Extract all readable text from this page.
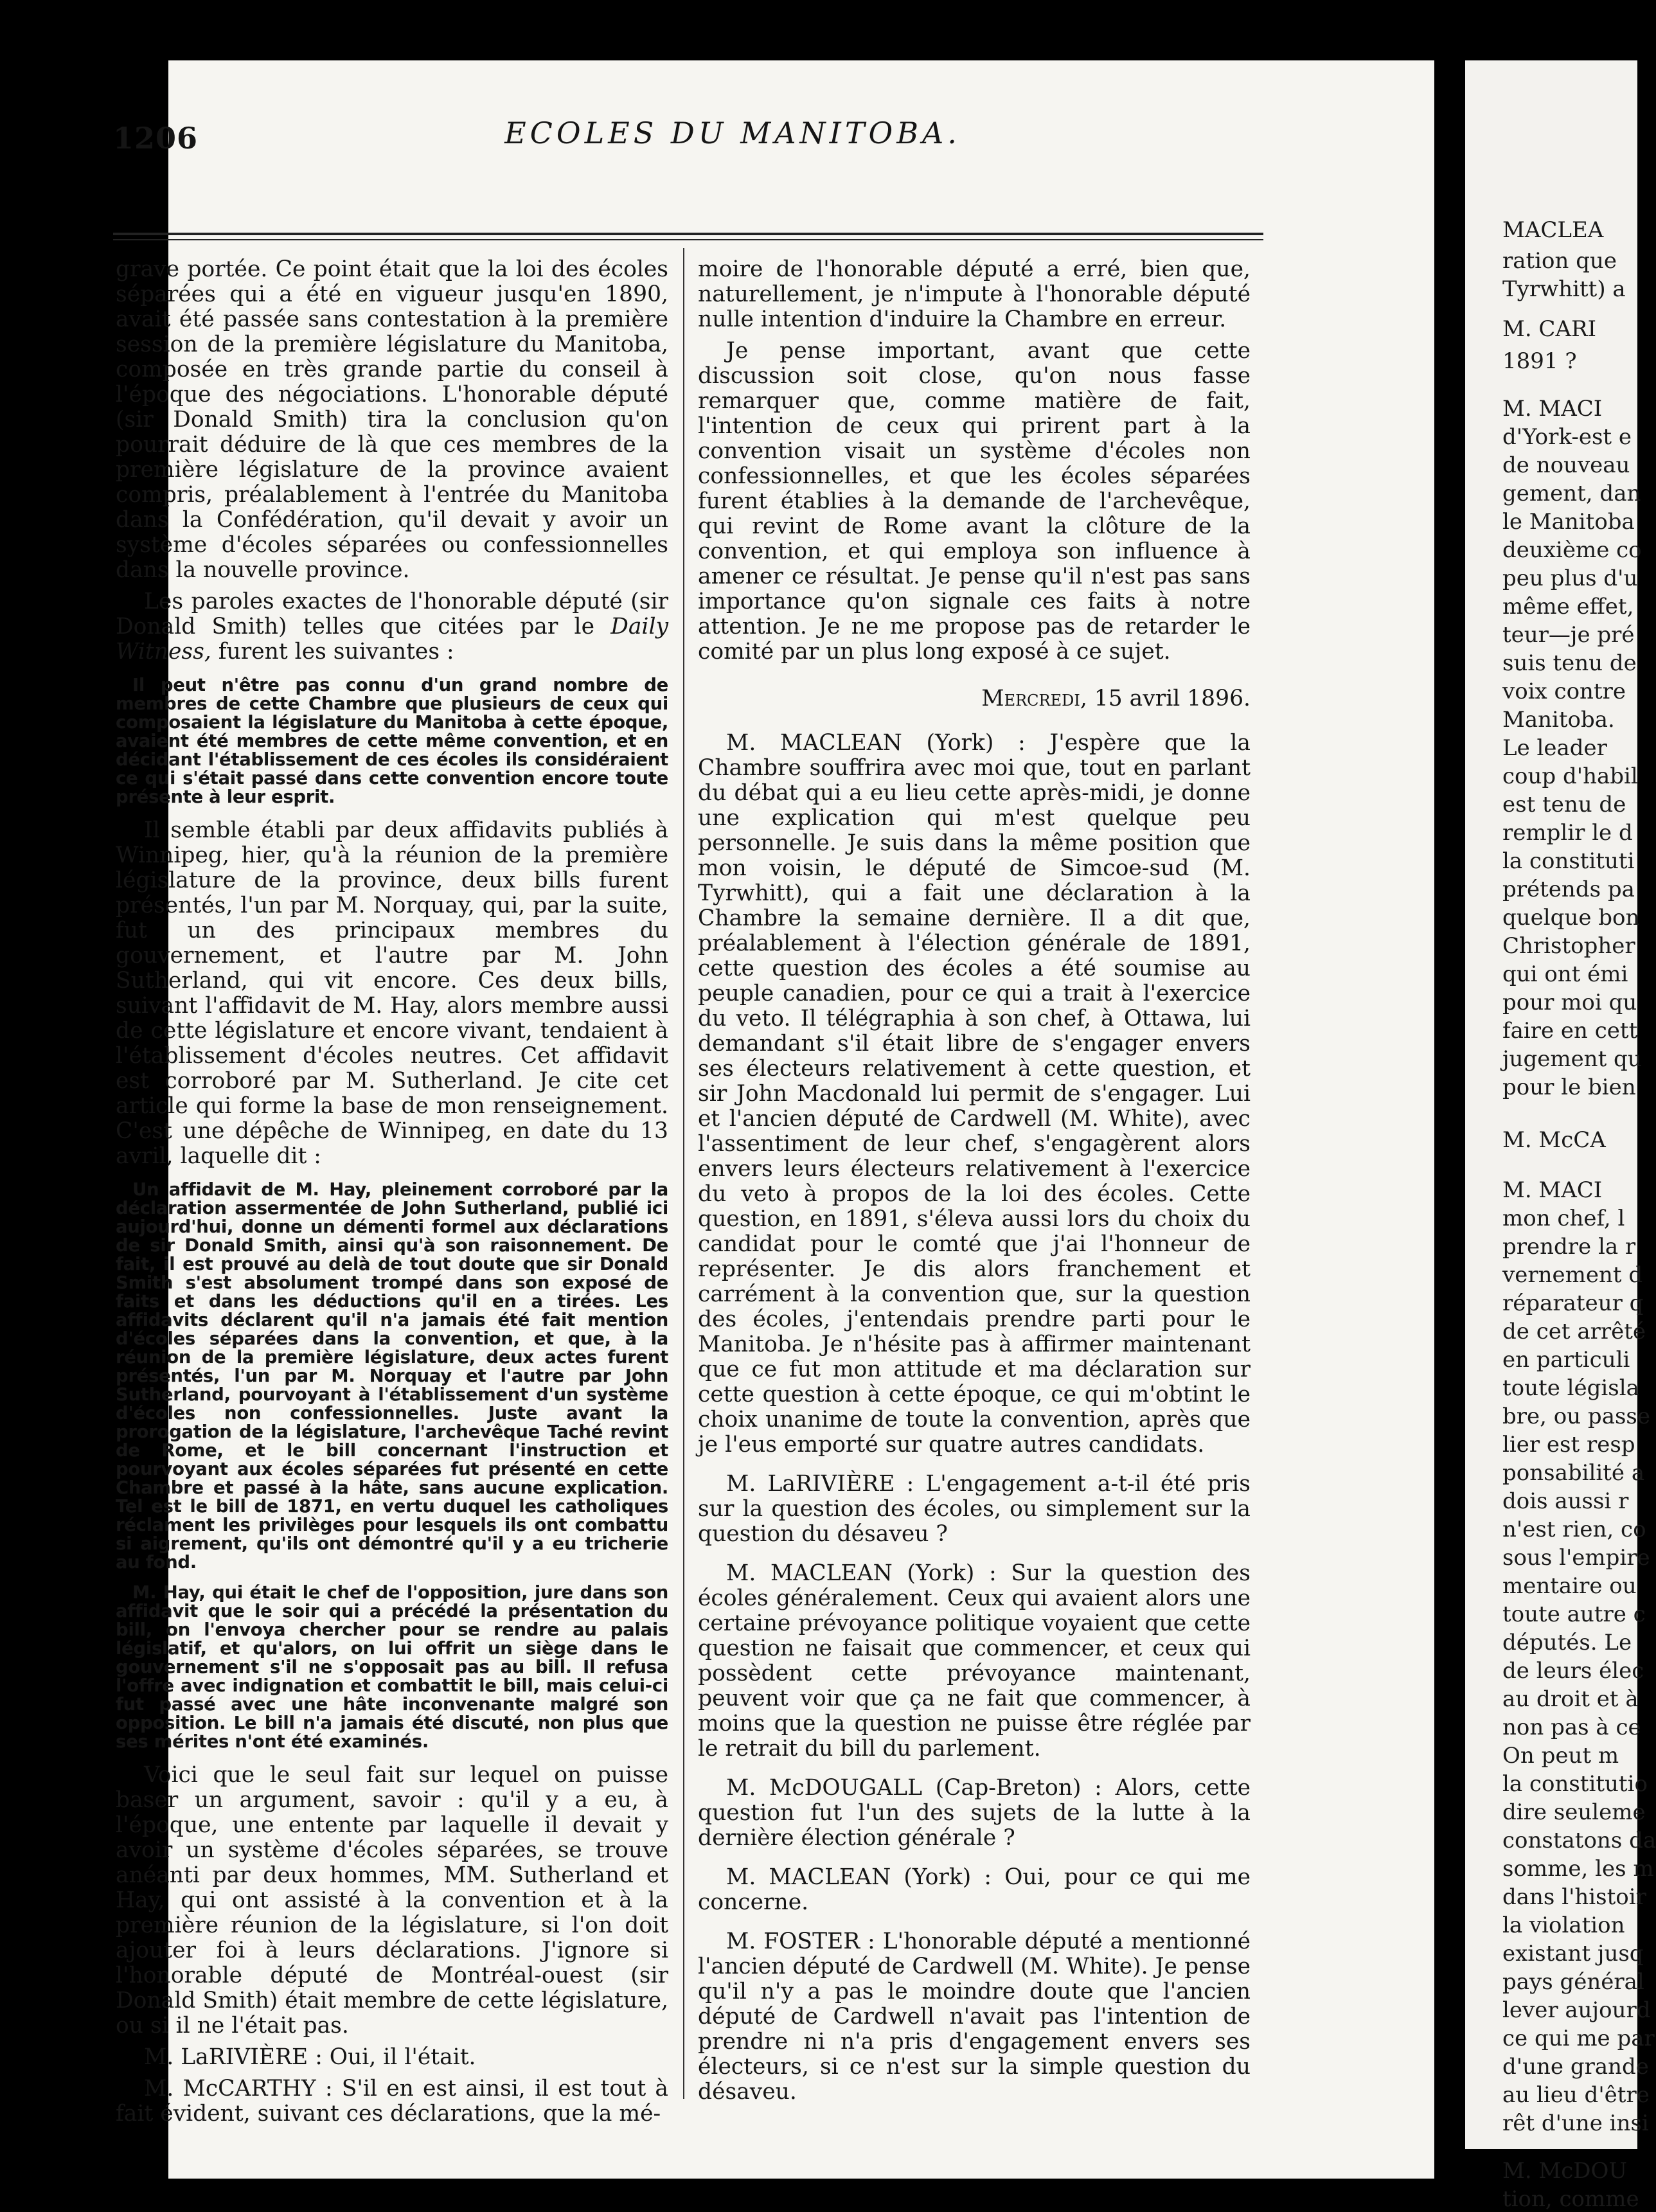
MACLEA
ration que
Tyrwhitt) a
M. CARI
1891 ?
M. MACI
d'York-est e
de nouveau
gement, dan
le Manitoba
deuxième co
peu plus d'u
même effet,
teur—je pré
suis tenu de
voix contre
Manitoba.
Le leader
coup d'habil
est tenu de
remplir le d
la constituti
prétends pa
quelque bon
Christopher
qui ont émi
pour moi qu
faire en cett
jugement qu
pour le bien
M. McCA
M. MACI
mon chef, l
prendre la r
vernement d
réparateur q
de cet arrêté
en particuli
toute législa
bre, ou passe
lier est resp
ponsabilité a
dois aussi r
n'est rien, co
sous l'empire
mentaire ou
toute autre c
députés. Le
de leurs élec
au droit et à
non pas à ce
On peut m
la constitutio
dire seuleme
constatons da
somme, les m
dans l'histoir
la violation
existant jusq
pays général
lever aujourd
ce qui me par
d'une grande
au lieu d'être
rêt d'une insi
M. McDOU
tion, comme
1206	ECOLES DU MANITOBA.

grave portée. Ce point était que la loi des écoles séparées qui a été en vigueur jusqu'en 1890, avait été passée sans contestation à la première session de la première législature du Manitoba, composée en très grande partie du conseil à l'époque des négociations. L'honorable député (sir Donald Smith) tira la conclusion qu'on pourrait déduire de là que ces membres de la première législature de la province avaient compris, préalablement à l'entrée du Manitoba dans la Confédération, qu'il devait y avoir un système d'écoles séparées ou confessionnelles dans la nouvelle province.

Les paroles exactes de l'honorable député (sir Donald Smith) telles que citées par le Daily Witness, furent les suivantes :

Il peut n'être pas connu d'un grand nombre de membres de cette Chambre que plusieurs de ceux qui composaient la législature du Manitoba à cette époque, avaient été membres de cette même convention, et en décidant l'établissement de ces écoles ils considéraient ce qui s'était passé dans cette convention encore toute présente à leur esprit.

Il semble établi par deux affidavits publiés à Winnipeg, hier, qu'à la réunion de la première législature de la province, deux bills furent présentés, l'un par M. Norquay, qui, par la suite, fut un des principaux membres du gouvernement, et l'autre par M. John Sutherland, qui vit encore. Ces deux bills, suivant l'affidavit de M. Hay, alors membre aussi de cette législature et encore vivant, tendaient à l'établissement d'écoles neutres. Cet affidavit est corroboré par M. Sutherland. Je cite cet article qui forme la base de mon renseignement. C'est une dépêche de Winnipeg, en date du 13 avril, laquelle dit :

Un affidavit de M. Hay, pleinement corroboré par la déclaration assermentée de John Sutherland, publié ici aujourd'hui, donne un démenti formel aux déclarations de sir Donald Smith, ainsi qu'à son raisonnement. De fait, il est prouvé au delà de tout doute que sir Donald Smith s'est absolument trompé dans son exposé de faits et dans les déductions qu'il en a tirées. Les affidavits déclarent qu'il n'a jamais été fait mention d'écoles séparées dans la convention, et que, à la réunion de la première législature, deux actes furent présentés, l'un par M. Norquay et l'autre par John Sutherland, pourvoyant à l'établissement d'un système d'écoles non confessionnelles. Juste avant la prorogation de la législature, l'archevêque Taché revint de Rome, et le bill concernant l'instruction et pourvoyant aux écoles séparées fut présenté en cette Chambre et passé à la hâte, sans aucune explication. Tel est le bill de 1871, en vertu duquel les catholiques réclament les privilèges pour lesquels ils ont combattu si aigrement, qu'ils ont démontré qu'il y a eu tricherie au fond.

M. Hay, qui était le chef de l'opposition, jure dans son affidavit que le soir qui a précédé la présentation du bill, on l'envoya chercher pour se rendre au palais législatif, et qu'alors, on lui offrit un siège dans le gouvernement s'il ne s'opposait pas au bill. Il refusa l'offre avec indignation et combattit le bill, mais celui-ci fut passé avec une hâte inconvenante malgré son opposition. Le bill n'a jamais été discuté, non plus que ses mérites n'ont été examinés.

Voici que le seul fait sur lequel on puisse baser un argument, savoir : qu'il y a eu, à l'époque, une entente par laquelle il devait y avoir un système d'écoles séparées, se trouve anéanti par deux hommes, MM. Sutherland et Hay, qui ont assisté à la convention et à la première réunion de la législature, si l'on doit ajouter foi à leurs déclarations. J'ignore si l'honorable député de Montréal-ouest (sir Donald Smith) était membre de cette législature, ou si il ne l'était pas.

M. LaRIVIÈRE : Oui, il l'était.

M. McCARTHY : S'il en est ainsi, il est tout à fait évident, suivant ces déclarations, que la mé-

moire de l'honorable député a erré, bien que, naturellement, je n'impute à l'honorable député nulle intention d'induire la Chambre en erreur.

Je pense important, avant que cette discussion soit close, qu'on nous fasse remarquer que, comme matière de fait, l'intention de ceux qui prirent part à la convention visait un système d'écoles non confessionnelles, et que les écoles séparées furent établies à la demande de l'archevêque, qui revint de Rome avant la clôture de la convention, et qui employa son influence à amener ce résultat. Je pense qu'il n'est pas sans importance qu'on signale ces faits à notre attention. Je ne me propose pas de retarder le comité par un plus long exposé à ce sujet.

Mercredi, 15 avril 1896.

M. MACLEAN (York) : J'espère que la Chambre souffrira avec moi que, tout en parlant du débat qui a eu lieu cette après-midi, je donne une explication qui m'est quelque peu personnelle. Je suis dans la même position que mon voisin, le député de Simcoe-sud (M. Tyrwhitt), qui a fait une déclaration à la Chambre la semaine dernière. Il a dit que, préalablement à l'élection générale de 1891, cette question des écoles a été soumise au peuple canadien, pour ce qui a trait à l'exercice du veto. Il télégraphia à son chef, à Ottawa, lui demandant s'il était libre de s'engager envers ses électeurs relativement à cette question, et sir John Macdonald lui permit de s'engager. Lui et l'ancien député de Cardwell (M. White), avec l'assentiment de leur chef, s'engagèrent alors envers leurs électeurs relativement à l'exercice du veto à propos de la loi des écoles. Cette question, en 1891, s'éleva aussi lors du choix du candidat pour le comté que j'ai l'honneur de représenter. Je dis alors franchement et carrément à la convention que, sur la question des écoles, j'entendais prendre parti pour le Manitoba. Je n'hésite pas à affirmer maintenant que ce fut mon attitude et ma déclaration sur cette question à cette époque, ce qui m'obtint le choix unanime de toute la convention, après que je l'eus emporté sur quatre autres candidats.

M. LaRIVIÈRE : L'engagement a-t-il été pris sur la question des écoles, ou simplement sur la question du désaveu ?

M. MACLEAN (York) : Sur la question des écoles généralement. Ceux qui avaient alors une certaine prévoyance politique voyaient que cette question ne faisait que commencer, et ceux qui possèdent cette prévoyance maintenant, peuvent voir que ça ne fait que commencer, à moins que la question ne puisse être réglée par le retrait du bill du parlement.

M. McDOUGALL (Cap-Breton) : Alors, cette question fut l'un des sujets de la lutte à la dernière élection générale ?

M. MACLEAN (York) : Oui, pour ce qui me concerne.

M. FOSTER : L'honorable député a mentionné l'ancien député de Cardwell (M. White). Je pense qu'il n'y a pas le moindre doute que l'ancien député de Cardwell n'avait pas l'intention de prendre ni n'a pris d'engagement envers ses électeurs, si ce n'est sur la simple question du désaveu.
